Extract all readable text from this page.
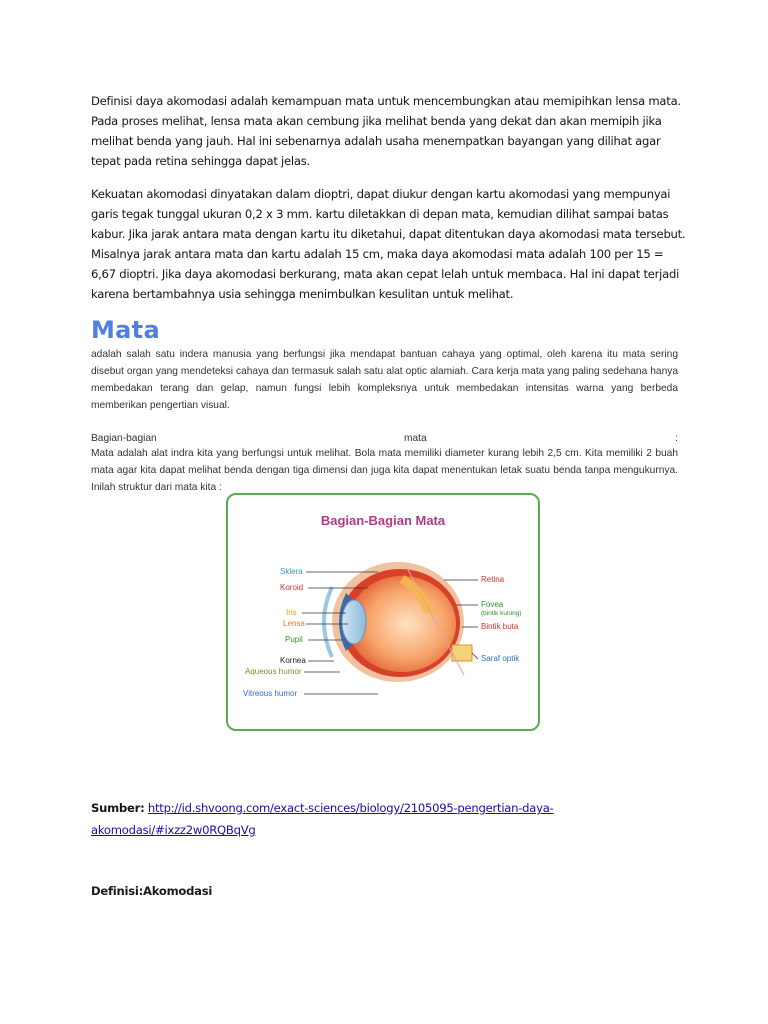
Definisi daya akomodasi adalah kemampuan mata untuk mencembungkan atau memipihkan lensa mata. Pada proses melihat, lensa mata akan cembung jika melihat benda yang dekat dan akan memipih jika melihat benda yang jauh. Hal ini sebenarnya adalah usaha menempatkan bayangan yang dilihat agar tepat pada retina sehingga dapat jelas.

Kekuatan akomodasi dinyatakan dalam dioptri, dapat diukur dengan kartu akomodasi yang mempunyai garis tegak tunggal ukuran 0,2 x 3 mm. kartu diletakkan di depan mata, kemudian dilihat sampai batas kabur. Jika jarak antara mata dengan kartu itu diketahui, dapat ditentukan daya akomodasi mata tersebut. Misalnya jarak antara mata dan kartu adalah 15 cm, maka daya akomodasi mata adalah 100 per 15 = 6,67 dioptri. Jika daya akomodasi berkurang, mata akan cepat lelah untuk membaca. Hal ini dapat terjadi karena bertambahnya usia sehingga menimbulkan kesulitan untuk melihat.

Mata

adalah salah satu indera manusia yang berfungsi jika mendapat bantuan cahaya yang optimal, oleh karena itu mata sering disebut organ yang mendeteksi cahaya dan termasuk salah satu alat optic alamiah. Cara kerja mata yang paling sedehana hanya membedakan terang dan gelap, namun fungsi lebih kompleksnya untuk membedakan intensitas warna yang berbeda memberikan pengertian visual.

Bagian-bagian	mata	:

Mata adalah alat indra kita yang berfungsi untuk melihat. Bola mata memiliki diameter kurang lebih 2,5 cm. Kita memiliki 2 buah mata agar kita dapat melihat benda dengan tiga dimensi dan juga kita dapat menentukan letak suatu benda tanpa mengukurnya. Inilah struktur dari mata kita :

Bagian-Bagian Mata
Sklera
Koroid
Iris
Lensa
Pupil
Kornea
Aqueous humor
Vitreous humor
Retina
Fovea
(bintik kuning)
Bintik buta
Saraf optik

Sumber: http://id.shvoong.com/exact-sciences/biology/2105095-pengertian-daya-
akomodasi/#ixzz2w0RQBqVg

Definisi:Akomodasi
